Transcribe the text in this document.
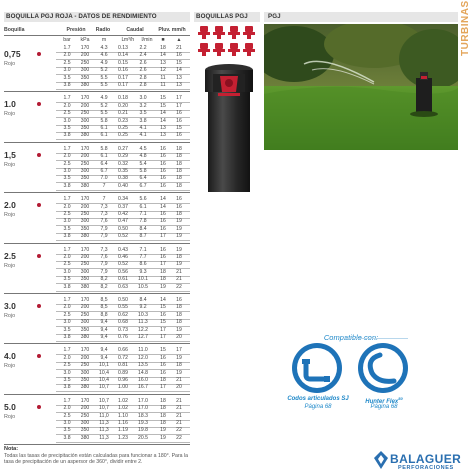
BOQUILLA PGJ ROJA - DATOS DE RENDIMIENTO	BOQUILLAS PGJ	PGJ	TURBINAS
Boquilla	Presión	Radio	Caudal	Pluv. mm/h
bar	kPa	m	L m³/h	l/min	■	▲
0,75
Rojo
1.7	170	4.3	0.13	2.2	18	21
2.0	200	4.6	0.14	2.4	14	16
2.5	250	4.9	0.15	2.6	13	15
3.0	300	5.2	0.16	2.6	12	14
3.5	350	5.5	0.17	2.8	11	13
3.8	380	5.5	0.17	2.8	11	13
1.0
Rojo
1.7	170	4.9	0.18	3.0	15	17
2.0	200	5.2	0.20	3.2	15	17
2.5	250	5.5	0.21	3.5	14	16
3.0	300	5.8	0.23	3.8	14	16
3.5	350	6.1	0.25	4.1	13	15
3.8	380	6.1	0.25	4.1	13	16
1,5
Rojo
1.7	170	5.8	0.27	4.5	16	18
2.0	200	6.1	0.29	4.8	16	18
2.5	250	6.4	0.32	5.4	16	18
3.0	300	6.7	0.35	5.8	16	18
3.5	350	7.0	0.38	6.4	16	18
3.8	380	7	0.40	6.7	16	18
2.0
Rojo
1.7	170	7	0.34	5.6	14	16
2.0	200	7,3	0.37	6.1	14	16
2.5	250	7,3	0.42	7.1	16	18
3.0	300	7,6	0.47	7.8	16	19
3.5	350	7,9	0.50	8.4	16	19
3.8	380	7,9	0.52	8.7	17	19
2.5
Rojo
1.7	170	7,3	0.43	7.1	16	19
2.0	200	7,6	0.46	7.7	16	18
2.5	250	7,9	0.52	8.6	17	19
3.0	300	7,9	0.56	9.3	18	21
3.5	350	8,2	0.61	10.1	18	21
3.8	380	8,2	0.63	10.5	19	22
3.0
Rojo
1.7	170	8,5	0.50	8.4	14	16
2.0	200	8,5	0.55	9.2	15	18
2.5	250	8,8	0.62	10.3	16	18
3.0	300	9,4	0.68	11.3	15	18
3.5	350	9,4	0.73	12.2	17	19
3.8	380	9,4	0.76	12.7	17	20
4.0
Rojo
1.7	170	9,4	0.66	11.0	15	17
2.0	200	9,4	0.72	12.0	16	19
2.5	250	10,1	0.81	13.5	16	18
3.0	300	10,4	0.89	14.8	16	19
3.5	350	10,4	0.96	16.0	18	21
3.8	380	10,7	1.00	16.7	17	20
5.0
Rojo
1.7	170	10,7	1.02	17.0	18	21
2.0	200	10,7	1.02	17.0	18	21
2.5	250	11,0	1.10	18.3	18	21
3.0	300	11,3	1.16	19.3	18	21
3.5	350	11,3	1.19	19.8	19	22
3.8	380	11,3	1.23	20.5	19	22
Nota:
Todas las tasas de precipitación están calculadas para funcionar a 180°. Para la tasa de precipitación de un aspersor de 360°, dividir entre 2.
Compatible con:
Codos articulados SJ
Página 68
Hunter Flex$^{50}$
Página 68
BALAGUER
PERFORACIONES
